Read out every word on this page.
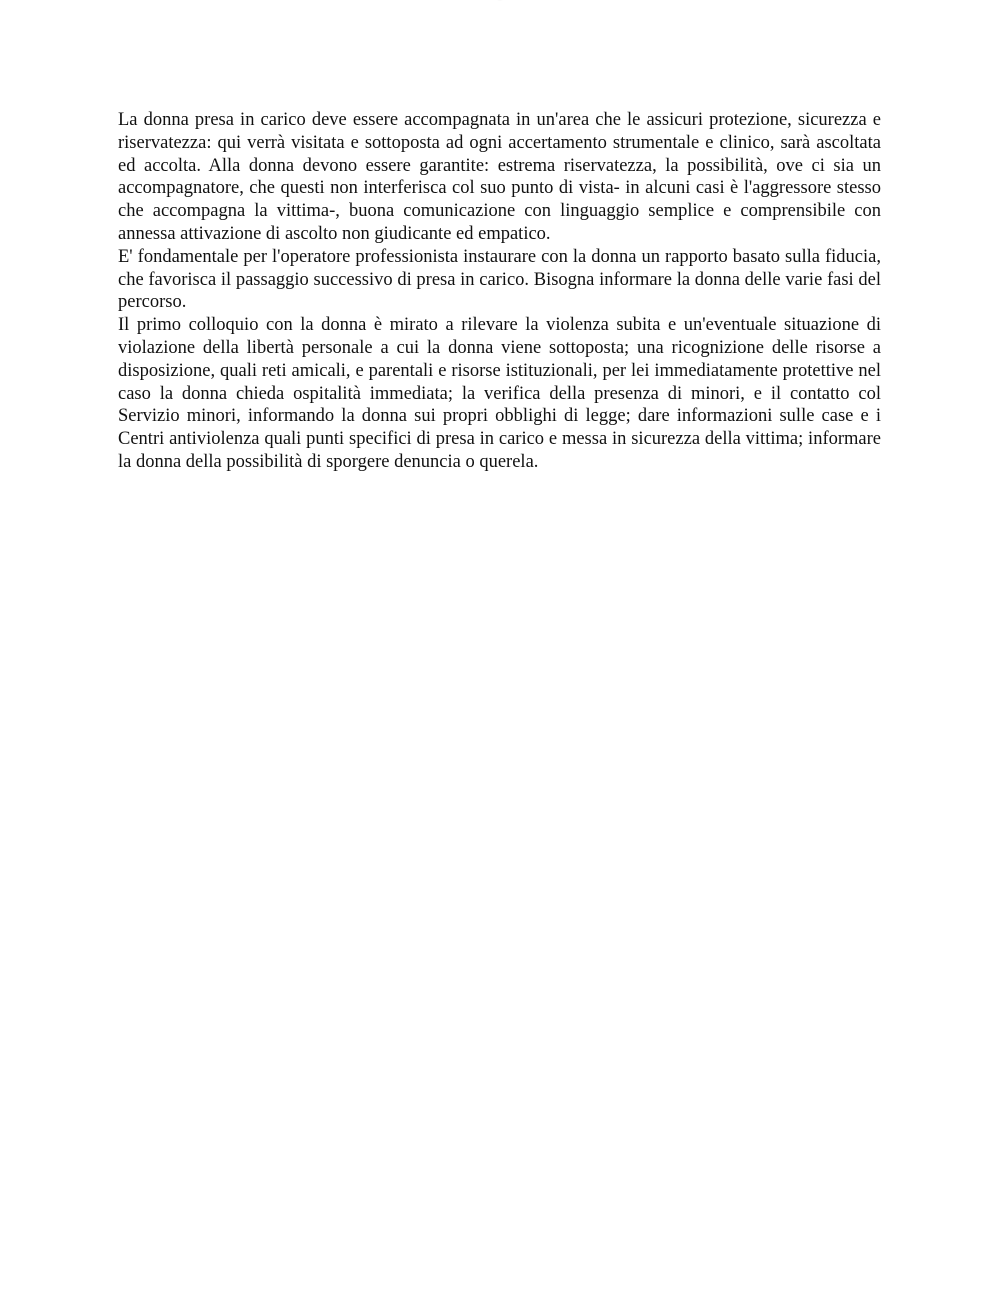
· · · ·

La donna presa in carico deve essere accompagnata in un'area che le assicuri protezione, sicurezza e riservatezza: qui verrà visitata e sottoposta ad ogni accertamento strumentale e clinico, sarà ascoltata ed accolta. Alla donna devono essere garantite: estrema riservatezza, la possibilità, ove ci sia un accompagnatore, che questi non interferisca col suo punto di vista- in alcuni casi è l'aggressore stesso che accompagna la vittima-, buona comunicazione con linguaggio semplice e comprensibile con annessa attivazione di ascolto non giudicante ed empatico.

E' fondamentale per l'operatore professionista instaurare con la donna un rapporto basato sulla fiducia, che favorisca il passaggio successivo di presa in carico. Bisogna informare la donna delle varie fasi del percorso.

Il primo colloquio con la donna è mirato a rilevare la violenza subita e un'eventuale situazione di violazione della libertà personale a cui la donna viene sottoposta; una ricognizione delle risorse a disposizione, quali reti amicali, e parentali e risorse istituzionali, per lei immediatamente protettive nel caso la donna chieda ospitalità immediata; la verifica della presenza di minori, e il contatto col Servizio minori, informando la donna sui propri obblighi di legge; dare informazioni sulle case e i Centri antiviolenza quali punti specifici di presa in carico e messa in sicurezza della vittima; informare la donna della possibilità di sporgere denuncia o querela.
